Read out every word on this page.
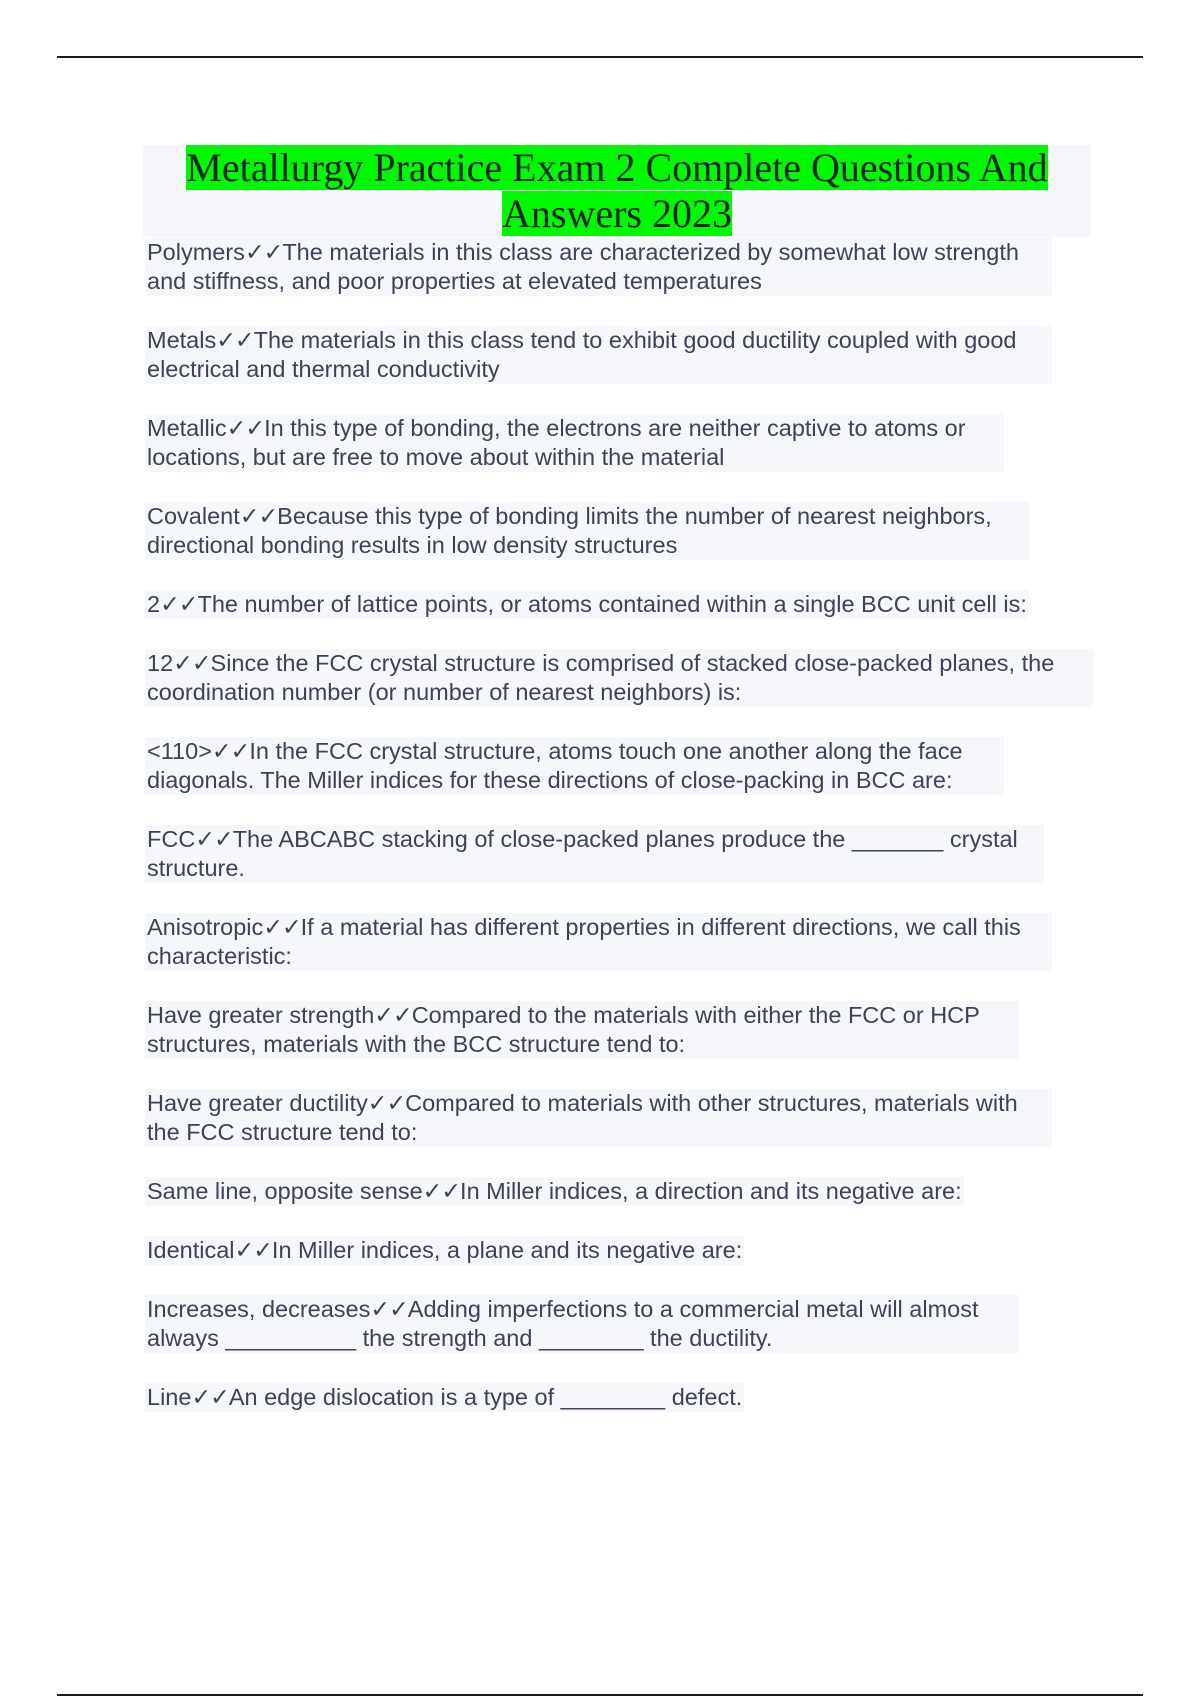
Metallurgy Practice Exam 2 Complete Questions And Answers 2023
Polymers✓✓The materials in this class are characterized by somewhat low strength and stiffness, and poor properties at elevated temperatures
Metals✓✓The materials in this class tend to exhibit good ductility coupled with good electrical and thermal conductivity
Metallic✓✓In this type of bonding, the electrons are neither captive to atoms or locations, but are free to move about within the material
Covalent✓✓Because this type of bonding limits the number of nearest neighbors, directional bonding results in low density structures
2✓✓The number of lattice points, or atoms contained within a single BCC unit cell is:
12✓✓Since the FCC crystal structure is comprised of stacked close-packed planes, the coordination number (or number of nearest neighbors) is:
<110>✓✓In the FCC crystal structure, atoms touch one another along the face diagonals. The Miller indices for these directions of close-packing in BCC are:
FCC✓✓The ABCABC stacking of close-packed planes produce the _______ crystal structure.
Anisotropic✓✓If a material has different properties in different directions, we call this characteristic:
Have greater strength✓✓Compared to the materials with either the FCC or HCP structures, materials with the BCC structure tend to:
Have greater ductility✓✓Compared to materials with other structures, materials with the FCC structure tend to:
Same line, opposite sense✓✓In Miller indices, a direction and its negative are:
Identical✓✓In Miller indices, a plane and its negative are:
Increases, decreases✓✓Adding imperfections to a commercial metal will almost always __________ the strength and ________ the ductility.
Line✓✓An edge dislocation is a type of ________ defect.
